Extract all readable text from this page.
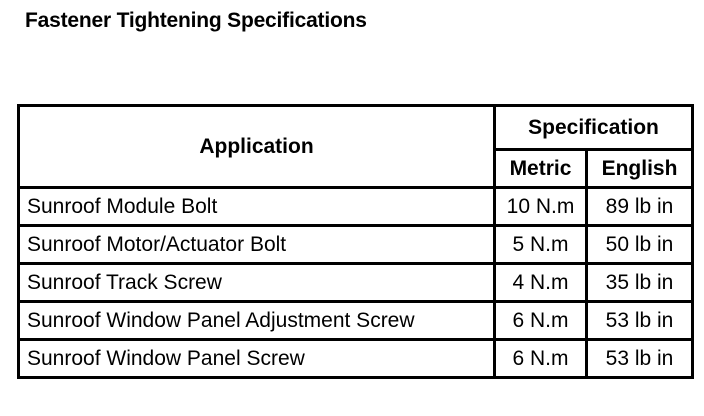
Fastener Tightening Specifications
Application	Specification	
	Metric	English
Sunroof Module Bolt	10 N.m	89 lb in
Sunroof Motor/Actuator Bolt	5 N.m	50 lb in
Sunroof Track Screw	4 N.m	35 lb in
Sunroof Window Panel Adjustment Screw	6 N.m	53 lb in
Sunroof Window Panel Screw	6 N.m	53 lb in
